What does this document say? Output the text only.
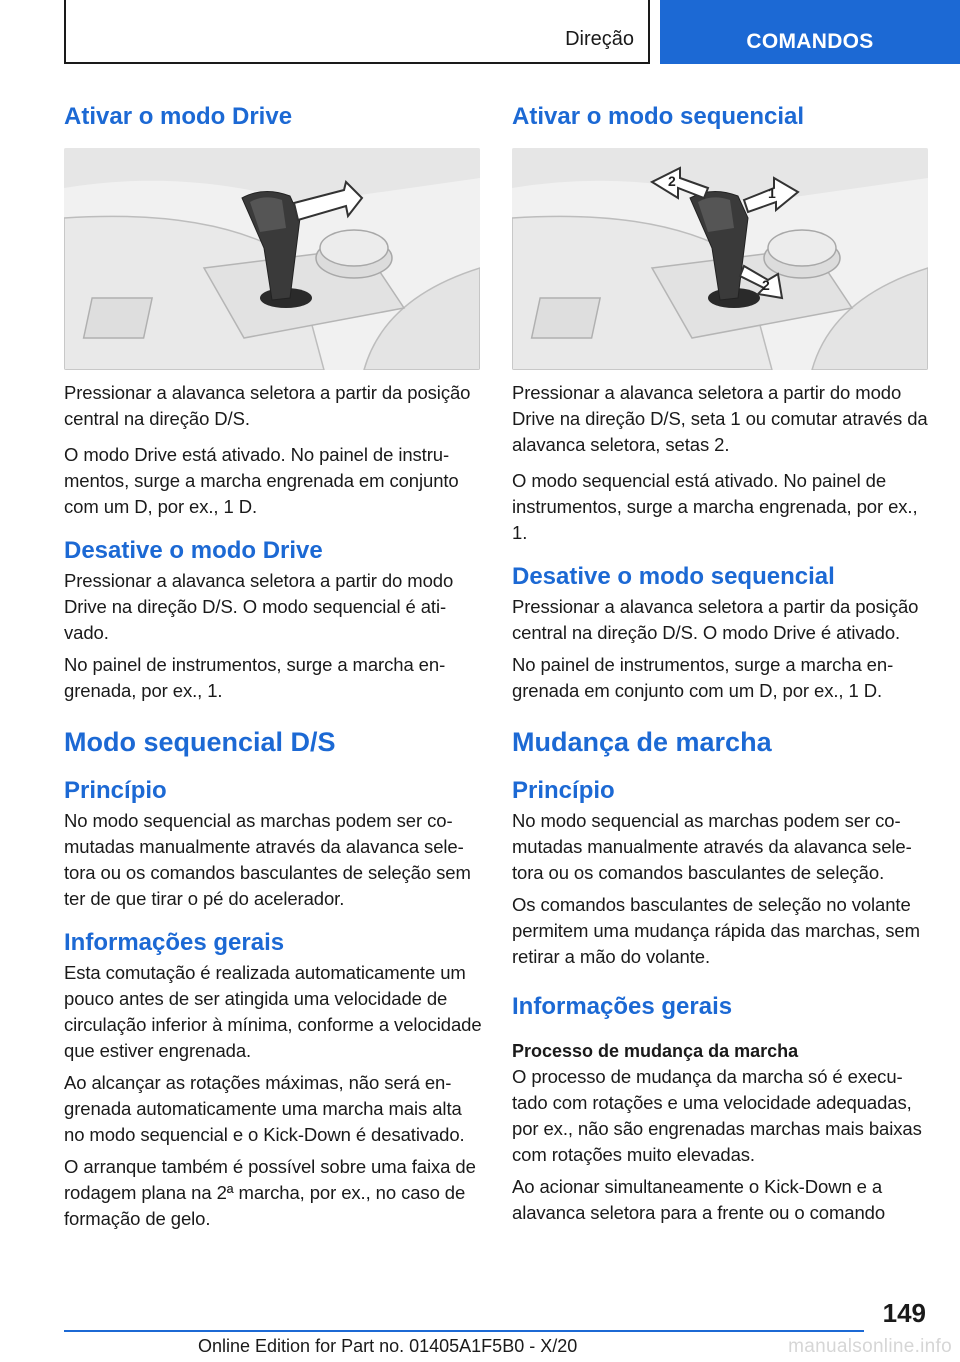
Direção	COMANDOS
Ativar o modo Drive

Pressionar a alavanca seletora a partir da posição central na direção D/S.

O modo Drive está ativado. No painel de instrumentos, surge a marcha engrenada em conjunto com um D, por ex., 1 D.

Desative o modo Drive

Pressionar a alavanca seletora a partir do modo Drive na direção D/S. O modo sequencial é ativado.

No painel de instrumentos, surge a marcha engrenada, por ex., 1.

Modo sequencial D/S
Princípio

No modo sequencial as marchas podem ser comutadas manualmente através da alavanca seletora ou os comandos basculantes de seleção sem ter de que tirar o pé do acelerador.

Informações gerais

Esta comutação é realizada automaticamente um pouco antes de ser atingida uma velocidade de circulação inferior à mínima, conforme a velocidade que estiver engrenada.

Ao alcançar as rotações máximas, não será engrenada automaticamente uma marcha mais alta no modo sequencial e o Kick-Down é desativado.

O arranque também é possível sobre uma faixa de rodagem plana na 2ª marcha, por ex., no caso de formação de gelo.

Ativar o modo sequencial
1
2
2

Pressionar a alavanca seletora a partir do modo Drive na direção D/S, seta 1 ou comutar através da alavanca seletora, setas 2.

O modo sequencial está ativado. No painel de instrumentos, surge a marcha engrenada, por ex., 1.

Desative o modo sequencial

Pressionar a alavanca seletora a partir da posição central na direção D/S. O modo Drive é ativado.

No painel de instrumentos, surge a marcha engrenada em conjunto com um D, por ex., 1 D.

Mudança de marcha
Princípio

No modo sequencial as marchas podem ser comutadas manualmente através da alavanca seletora ou os comandos basculantes de seleção.

Os comandos basculantes de seleção no volante permitem uma mudança rápida das marchas, sem retirar a mão do volante.

Informações gerais
Processo de mudança da marcha

O processo de mudança da marcha só é executado com rotações e uma velocidade adequadas, por ex., não são engrenadas marchas mais baixas com rotações muito elevadas.

Ao acionar simultaneamente o Kick-Down e a alavanca seletora para a frente ou o comando

149
Online Edition for Part no. 01405A1F5B0 - X/20	manualsonline.info
